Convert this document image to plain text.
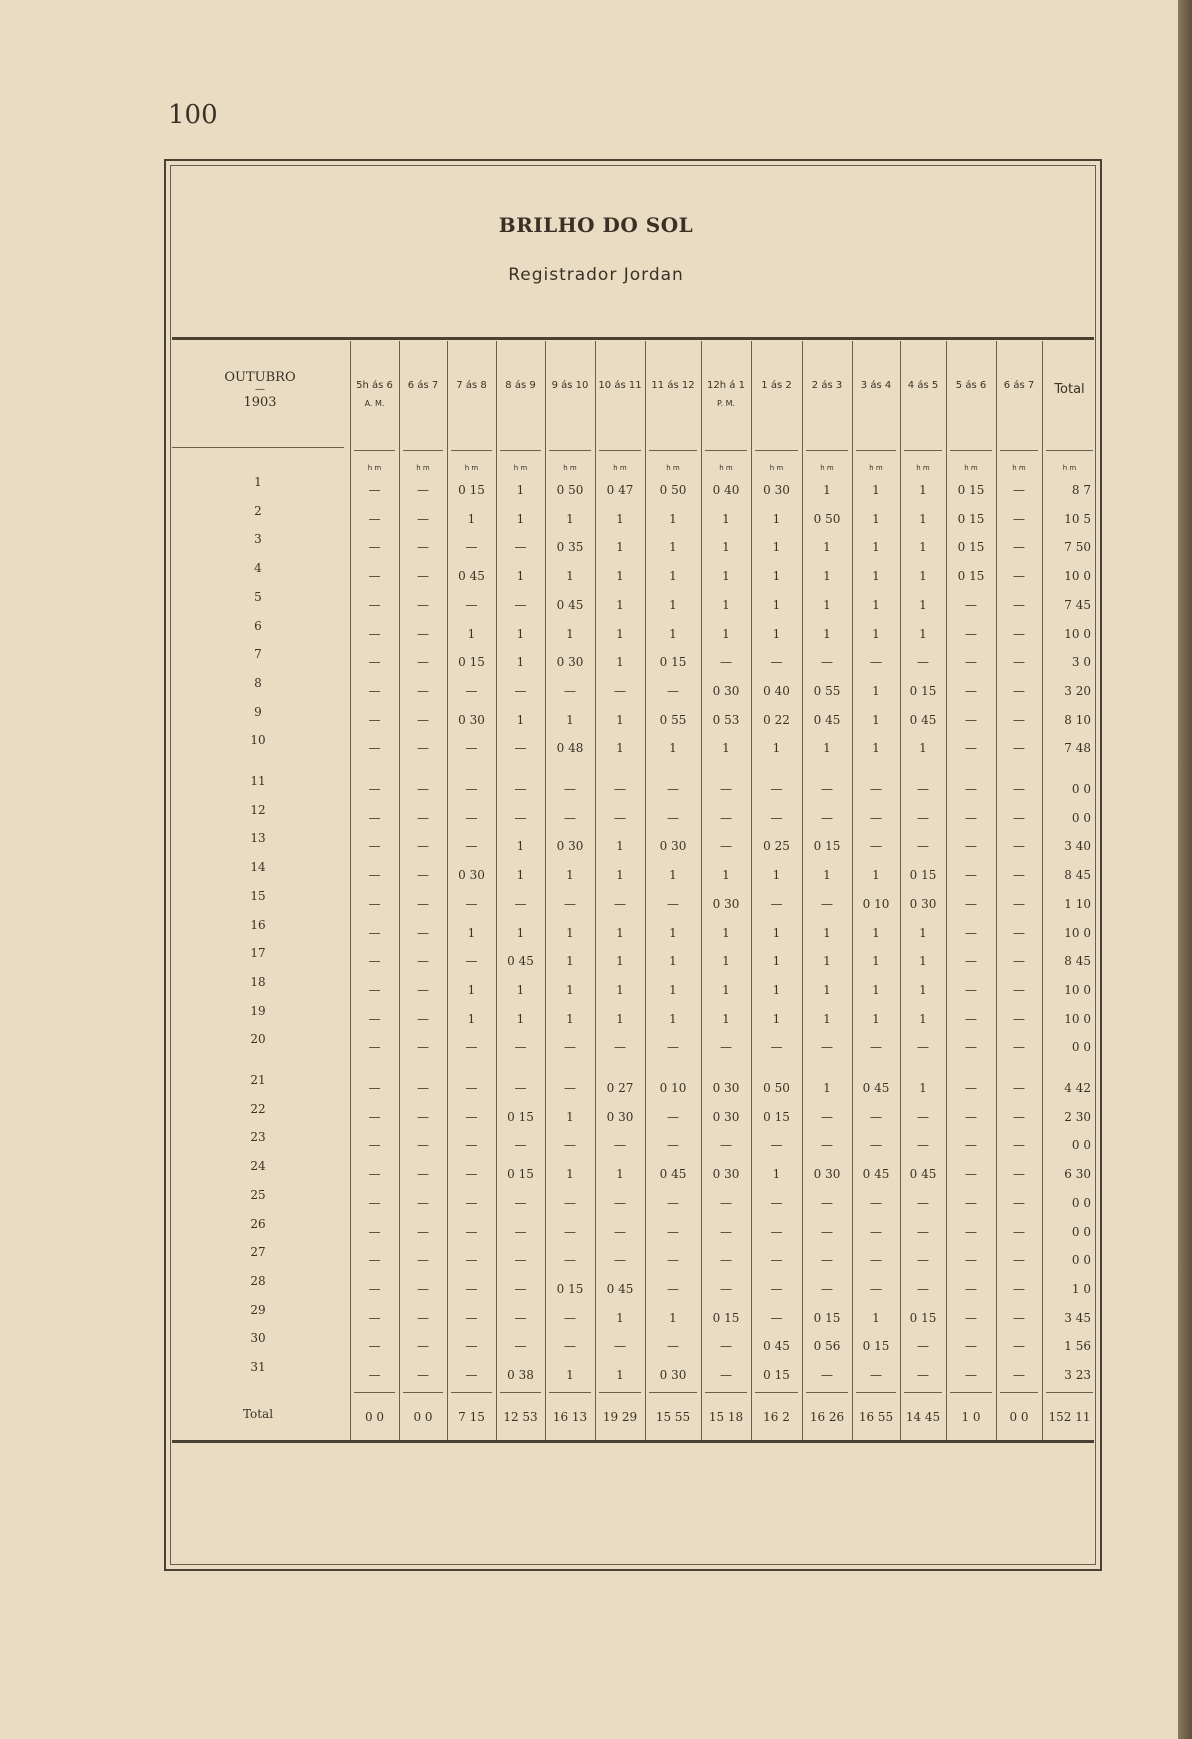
100
BRILHO DO SOL
Registrador Jordan
OUTUBRO
—
1903
5h ás 6
A. M.
h m
6 ás 7
h m
7 ás 8
h m
8 ás 9
h m
9 ás 10
h m
10 ás 11
h m
11 ás 12
h m
12h á 1
P. M.
h m
1 ás 2
h m
2 ás 3
h m
3 ás 4
h m
4 ás 5
h m
5 ás 6
h m
6 ás 7
h m
Total
h m
1
—	—	0 15	1	0 50	0 47	0 50	0 40	0 30	1	1	1	0 15	—	8 7
2
—	—	1	1	1	1	1	1	1	0 50	1	1	0 15	—	10 5
3
—	—	—	—	0 35	1	1	1	1	1	1	1	0 15	—	7 50
4
—	—	0 45	1	1	1	1	1	1	1	1	1	0 15	—	10 0
5
—	—	—	—	0 45	1	1	1	1	1	1	1	—	—	7 45
6
—	—	1	1	1	1	1	1	1	1	1	1	—	—	10 0
7
—	—	0 15	1	0 30	1	0 15	—	—	—	—	—	—	—	3 0
8
—	—	—	—	—	—	—	0 30	0 40	0 55	1	0 15	—	—	3 20
9
—	—	0 30	1	1	1	0 55	0 53	0 22	0 45	1	0 45	—	—	8 10
10
—	—	—	—	0 48	1	1	1	1	1	1	1	—	—	7 48
11
—	—	—	—	—	—	—	—	—	—	—	—	—	—	0 0
12
—	—	—	—	—	—	—	—	—	—	—	—	—	—	0 0
13
—	—	—	1	0 30	1	0 30	—	0 25	0 15	—	—	—	—	3 40
14
—	—	0 30	1	1	1	1	1	1	1	1	0 15	—	—	8 45
15
—	—	—	—	—	—	—	0 30	—	—	0 10	0 30	—	—	1 10
16
—	—	1	1	1	1	1	1	1	1	1	1	—	—	10 0
17
—	—	—	0 45	1	1	1	1	1	1	1	1	—	—	8 45
18
—	—	1	1	1	1	1	1	1	1	1	1	—	—	10 0
19
—	—	1	1	1	1	1	1	1	1	1	1	—	—	10 0
20
—	—	—	—	—	—	—	—	—	—	—	—	—	—	0 0
21
—	—	—	—	—	0 27	0 10	0 30	0 50	1	0 45	1	—	—	4 42
22
—	—	—	0 15	1	0 30	—	0 30	0 15	—	—	—	—	—	2 30
23
—	—	—	—	—	—	—	—	—	—	—	—	—	—	0 0
24
—	—	—	0 15	1	1	0 45	0 30	1	0 30	0 45	0 45	—	—	6 30
25
—	—	—	—	—	—	—	—	—	—	—	—	—	—	0 0
26
—	—	—	—	—	—	—	—	—	—	—	—	—	—	0 0
27
—	—	—	—	—	—	—	—	—	—	—	—	—	—	0 0
28
—	—	—	—	0 15	0 45	—	—	—	—	—	—	—	—	1 0
29
—	—	—	—	—	1	1	0 15	—	0 15	1	0 15	—	—	3 45
30
—	—	—	—	—	—	—	—	0 45	0 56	0 15	—	—	—	1 56
31
—	—	—	0 38	1	1	0 30	—	0 15	—	—	—	—	—	3 23
Total	0 0	0 0	7 15	12 53	16 13	19 29	15 55	15 18	16 2	16 26	16 55	14 45	1 0	0 0	152 11
